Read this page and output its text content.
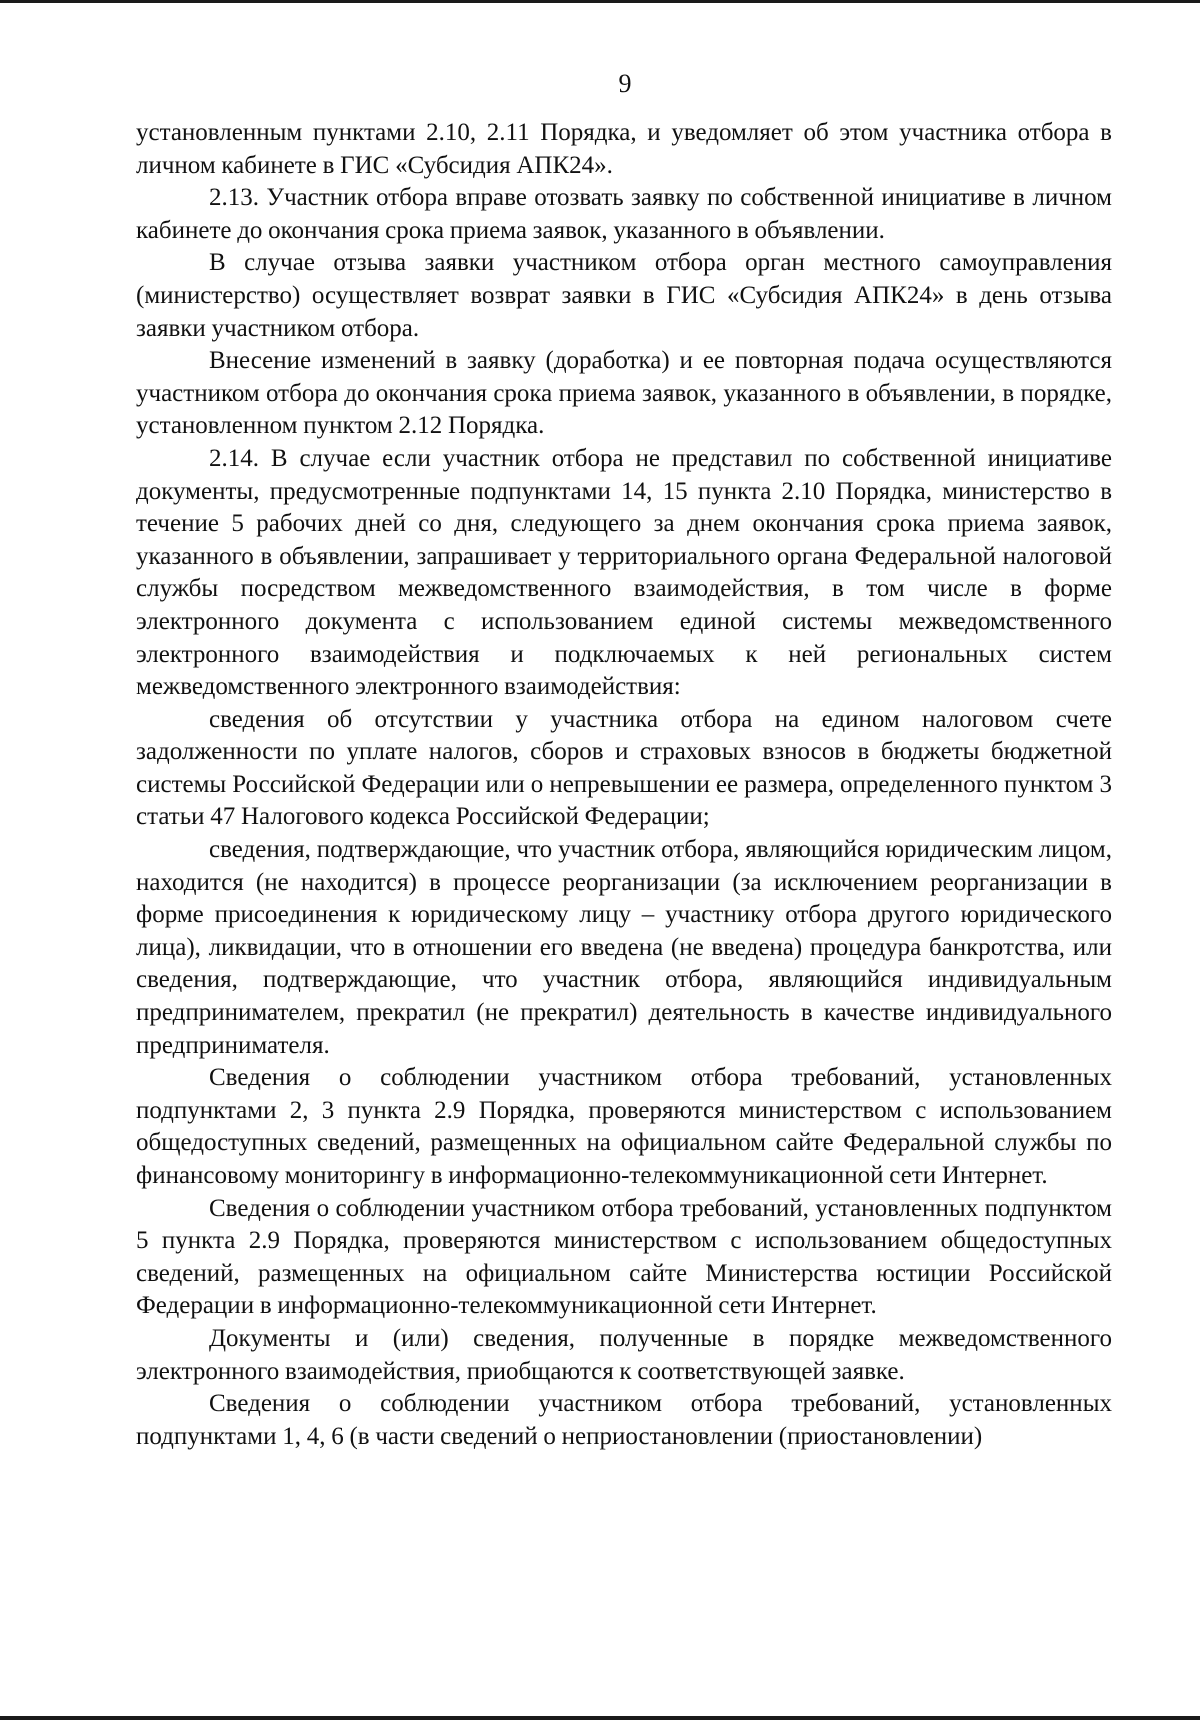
9

установленным пунктами 2.10, 2.11 Порядка, и уведомляет об этом участника отбора в личном кабинете в ГИС «Субсидия АПК24».

2.13. Участник отбора вправе отозвать заявку по собственной инициативе в личном кабинете до окончания срока приема заявок, указанного в объявлении.

В случае отзыва заявки участником отбора орган местного самоуправления (министерство) осуществляет возврат заявки в ГИС «Субсидия АПК24» в день отзыва заявки участником отбора.

Внесение изменений в заявку (доработка) и ее повторная подача осуществляются участником отбора до окончания срока приема заявок, указанного в объявлении, в порядке, установленном пунктом 2.12 Порядка.

2.14. В случае если участник отбора не представил по собственной инициативе документы, предусмотренные подпунктами 14, 15 пункта 2.10 Порядка, министерство в течение 5 рабочих дней со дня, следующего за днем окончания срока приема заявок, указанного в объявлении, запрашивает у территориального органа Федеральной налоговой службы посредством межведомственного взаимодействия, в том числе в форме электронного документа с использованием единой системы межведомственного электронного взаимодействия и подключаемых к ней региональных систем межведомственного электронного взаимодействия:

сведения об отсутствии у участника отбора на едином налоговом счете задолженности по уплате налогов, сборов и страховых взносов в бюджеты бюджетной системы Российской Федерации или о непревышении ее размера, определенного пунктом 3 статьи 47 Налогового кодекса Российской Федерации;

сведения, подтверждающие, что участник отбора, являющийся юридическим лицом, находится (не находится) в процессе реорганизации (за исключением реорганизации в форме присоединения к юридическому лицу – участнику отбора другого юридического лица), ликвидации, что в отношении его введена (не введена) процедура банкротства, или сведения, подтверждающие, что участник отбора, являющийся индивидуальным предпринимателем, прекратил (не прекратил) деятельность в качестве индивидуального предпринимателя.

Сведения о соблюдении участником отбора требований, установленных подпунктами 2, 3 пункта 2.9 Порядка, проверяются министерством с использованием общедоступных сведений, размещенных на официальном сайте Федеральной службы по финансовому мониторингу в информационно-телекоммуникационной сети Интернет.

Сведения о соблюдении участником отбора требований, установленных подпунктом 5 пункта 2.9 Порядка, проверяются министерством с использованием общедоступных сведений, размещенных на официальном сайте Министерства юстиции Российской Федерации в информационно-телекоммуникационной сети Интернет.

Документы и (или) сведения, полученные в порядке межведомственного электронного взаимодействия, приобщаются к соответствующей заявке.

Сведения о соблюдении участником отбора требований, установленных подпунктами 1, 4, 6 (в части сведений о неприостановлении (приостановлении)
